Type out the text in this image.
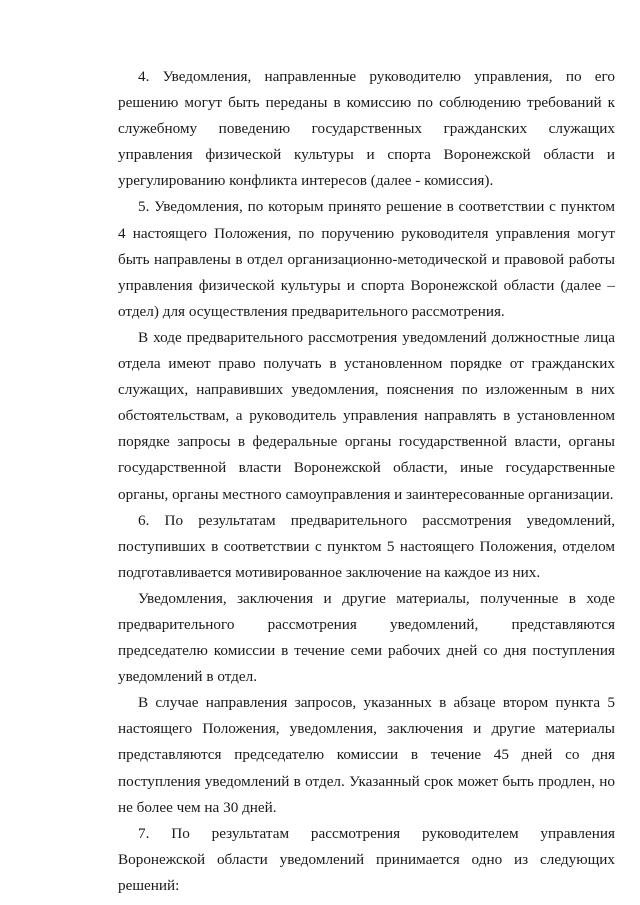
4. Уведомления, направленные руководителю управления, по его решению могут быть переданы в комиссию по соблюдению требований к служебному поведению государственных гражданских служащих управления физической культуры и спорта Воронежской области и урегулированию конфликта интересов (далее - комиссия).

5. Уведомления, по которым принято решение в соответствии с пунктом 4 настоящего Положения, по поручению руководителя управления могут быть направлены в отдел организационно-методической и правовой работы управления физической культуры и спорта Воронежской области (далее – отдел) для осуществления предварительного рассмотрения.

В ходе предварительного рассмотрения уведомлений должностные лица отдела имеют право получать в установленном порядке от гражданских служащих, направивших уведомления, пояснения по изложенным в них обстоятельствам, а руководитель управления направлять в установленном порядке запросы в федеральные органы государственной власти, органы государственной власти Воронежской области, иные государственные органы, органы местного самоуправления и заинтересованные организации.

6. По результатам предварительного рассмотрения уведомлений, поступивших в соответствии с пунктом 5 настоящего Положения, отделом подготавливается мотивированное заключение на каждое из них.

Уведомления, заключения и другие материалы, полученные в ходе предварительного рассмотрения уведомлений, представляются председателю комиссии в течение семи рабочих дней со дня поступления уведомлений в отдел.

В случае направления запросов, указанных в абзаце втором пункта 5 настоящего Положения, уведомления, заключения и другие материалы представляются председателю комиссии в течение 45 дней со дня поступления уведомлений в отдел. Указанный срок может быть продлен, но не более чем на 30 дней.

7. По результатам рассмотрения руководителем управления Воронежской области уведомлений принимается одно из следующих решений:
